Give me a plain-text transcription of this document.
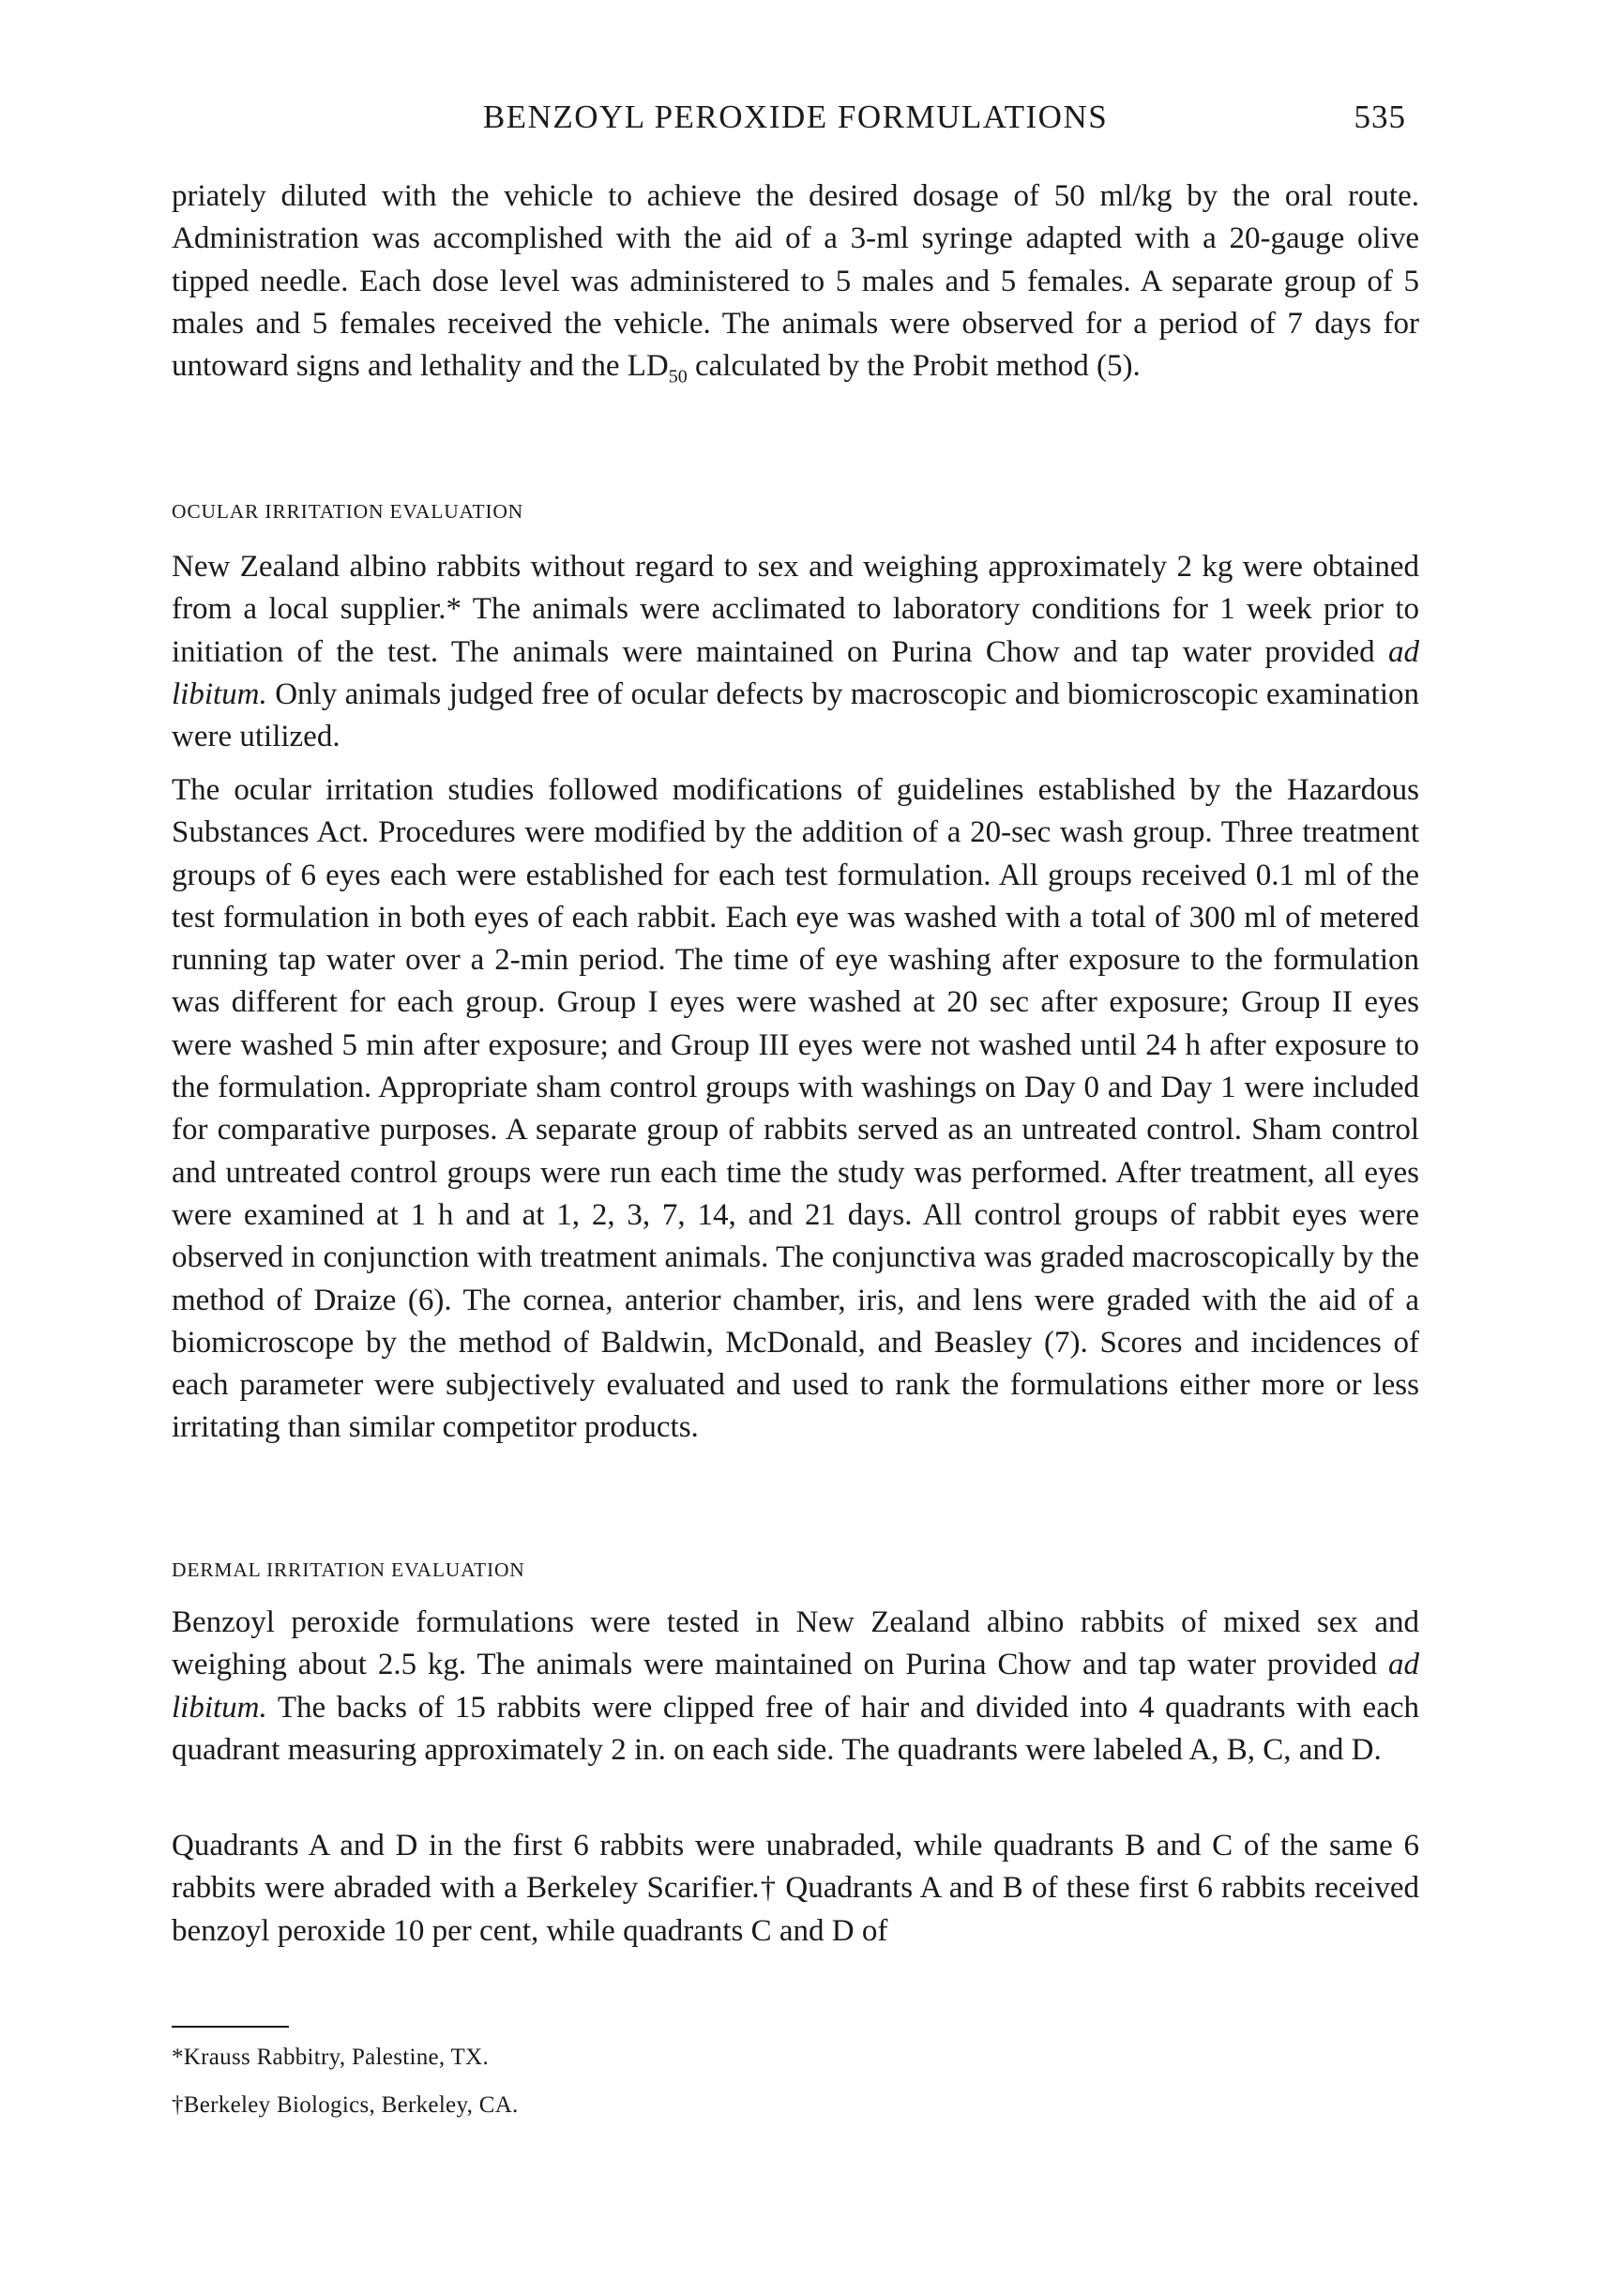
BENZOYL PEROXIDE FORMULATIONS	535

priately diluted with the vehicle to achieve the desired dosage of 50 ml/kg by the oral route. Administration was accomplished with the aid of a 3-ml syringe adapted with a 20-gauge olive tipped needle. Each dose level was administered to 5 males and 5 females. A separate group of 5 males and 5 females received the vehicle. The animals were observed for a period of 7 days for untoward signs and lethality and the $LD_{50}$ calculated by the Probit method (5).

OCULAR IRRITATION EVALUATION

New Zealand albino rabbits without regard to sex and weighing approximately 2 kg were obtained from a local supplier.* The animals were acclimated to laboratory conditions for 1 week prior to initiation of the test. The animals were maintained on Purina Chow and tap water provided ad libitum. Only animals judged free of ocular defects by macroscopic and biomicroscopic examination were utilized.

The ocular irritation studies followed modifications of guidelines established by the Hazardous Substances Act. Procedures were modified by the addition of a 20-sec wash group. Three treatment groups of 6 eyes each were established for each test formulation. All groups received 0.1 ml of the test formulation in both eyes of each rabbit. Each eye was washed with a total of 300 ml of metered running tap water over a 2-min period. The time of eye washing after exposure to the formulation was different for each group. Group I eyes were washed at 20 sec after exposure; Group II eyes were washed 5 min after exposure; and Group III eyes were not washed until 24 h after exposure to the formulation. Appropriate sham control groups with washings on Day 0 and Day 1 were included for comparative purposes. A separate group of rabbits served as an untreated control. Sham control and untreated control groups were run each time the study was performed. After treatment, all eyes were examined at 1 h and at 1, 2, 3, 7, 14, and 21 days. All control groups of rabbit eyes were observed in conjunction with treatment animals. The conjunctiva was graded macroscopically by the method of Draize (6). The cornea, anterior chamber, iris, and lens were graded with the aid of a biomicroscope by the method of Baldwin, McDonald, and Beasley (7). Scores and incidences of each parameter were subjectively evaluated and used to rank the formulations either more or less irritating than similar competitor products.

DERMAL IRRITATION EVALUATION

Benzoyl peroxide formulations were tested in New Zealand albino rabbits of mixed sex and weighing about 2.5 kg. The animals were maintained on Purina Chow and tap water provided ad libitum. The backs of 15 rabbits were clipped free of hair and divided into 4 quadrants with each quadrant measuring approximately 2 in. on each side. The quadrants were labeled A, B, C, and D.

Quadrants A and D in the first 6 rabbits were unabraded, while quadrants B and C of the same 6 rabbits were abraded with a Berkeley Scarifier.† Quadrants A and B of these first 6 rabbits received benzoyl peroxide 10 per cent, while quadrants C and D of

*Krauss Rabbitry, Palestine, TX.

†Berkeley Biologics, Berkeley, CA.
